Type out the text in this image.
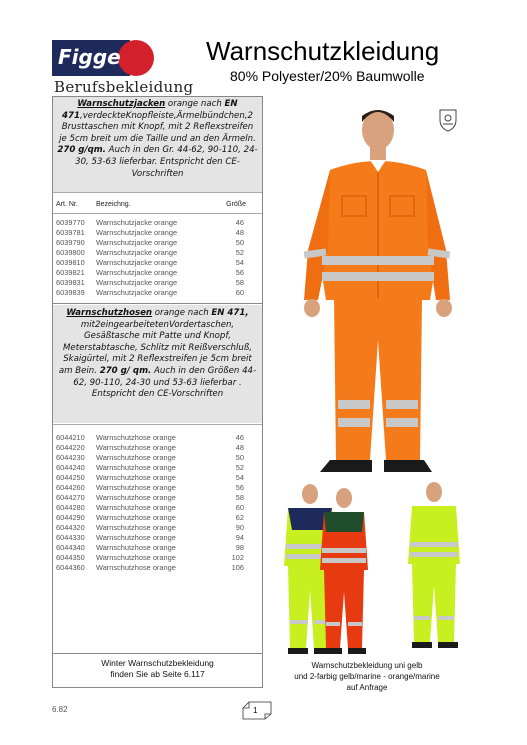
Figge
Berufsbekleidung
Warnschutzkleidung
80% Polyester/20% Baumwolle
Warnschutzjacken orange nach EN 471,verdeckteKnopfleiste,Ärmelbündchen,2 Brusttaschen mit Knopf, mit 2 Reflexstreifen je 5cm breit um die Taille und an den Ärmeln. 270 g/qm. Auch in den Gr. 44-62, 90-110, 24-30, 53-63 lieferbar. Entspricht den CE-Vorschriften
Art. Nr.	Bezeichng.	Größe
6039770 Warnschutzjacke orange	46
6039781 Warnschutzjacke orange	48
6039790 Warnschutzjacke orange	50
6039800 Warnschutzjacke orange	52
6039810 Warnschutzjacke orange	54
6039821 Warnschutzjacke orange	56
6039831 Warnschutzjacke orange	58
6039839 Warnschutzjacke orange	60
Warnschutzhosen orange nach EN 471, mit2eingearbeitetenVordertaschen, Gesäßtasche mit Patte und Knopf, Meterstabtasche, Schlitz mit Reißverschluß, Skaigürtel, mit 2 Reflexstreifen je 5cm breit am Bein. 270 g/ qm. Auch in den Größen 44-62, 90-110, 24-30 und 53-63 lieferbar . Entspricht den CE-Vorschriften
6044210 Warnschutzhose orange	46
6044220 Warnschutzhose orange	48
6044230 Warnschutzhose orange	50
6044240 Warnschutzhose orange	52
6044250 Warnschutzhose orange	54
6044260 Warnschutzhose orange	56
6044270 Warnschutzhose orange	58
6044280 Warnschutzhose orange	60
6044290 Warnschutzhose orange	62
6044320 Warnschutzhose orange	90
6044330 Warnschutzhose orange	94
6044340 Warnschutzhose orange	98
6044350 Warnschutzhose orange	102
6044360 Warnschutzhose orange	106
Winter Warnschutzbekleidung
finden Sie ab Seite 6.117
Warnschutzbekleidung uni gelb
und 2-farbig gelb/marine - orange/marine
auf Anfrage
6.82	1
